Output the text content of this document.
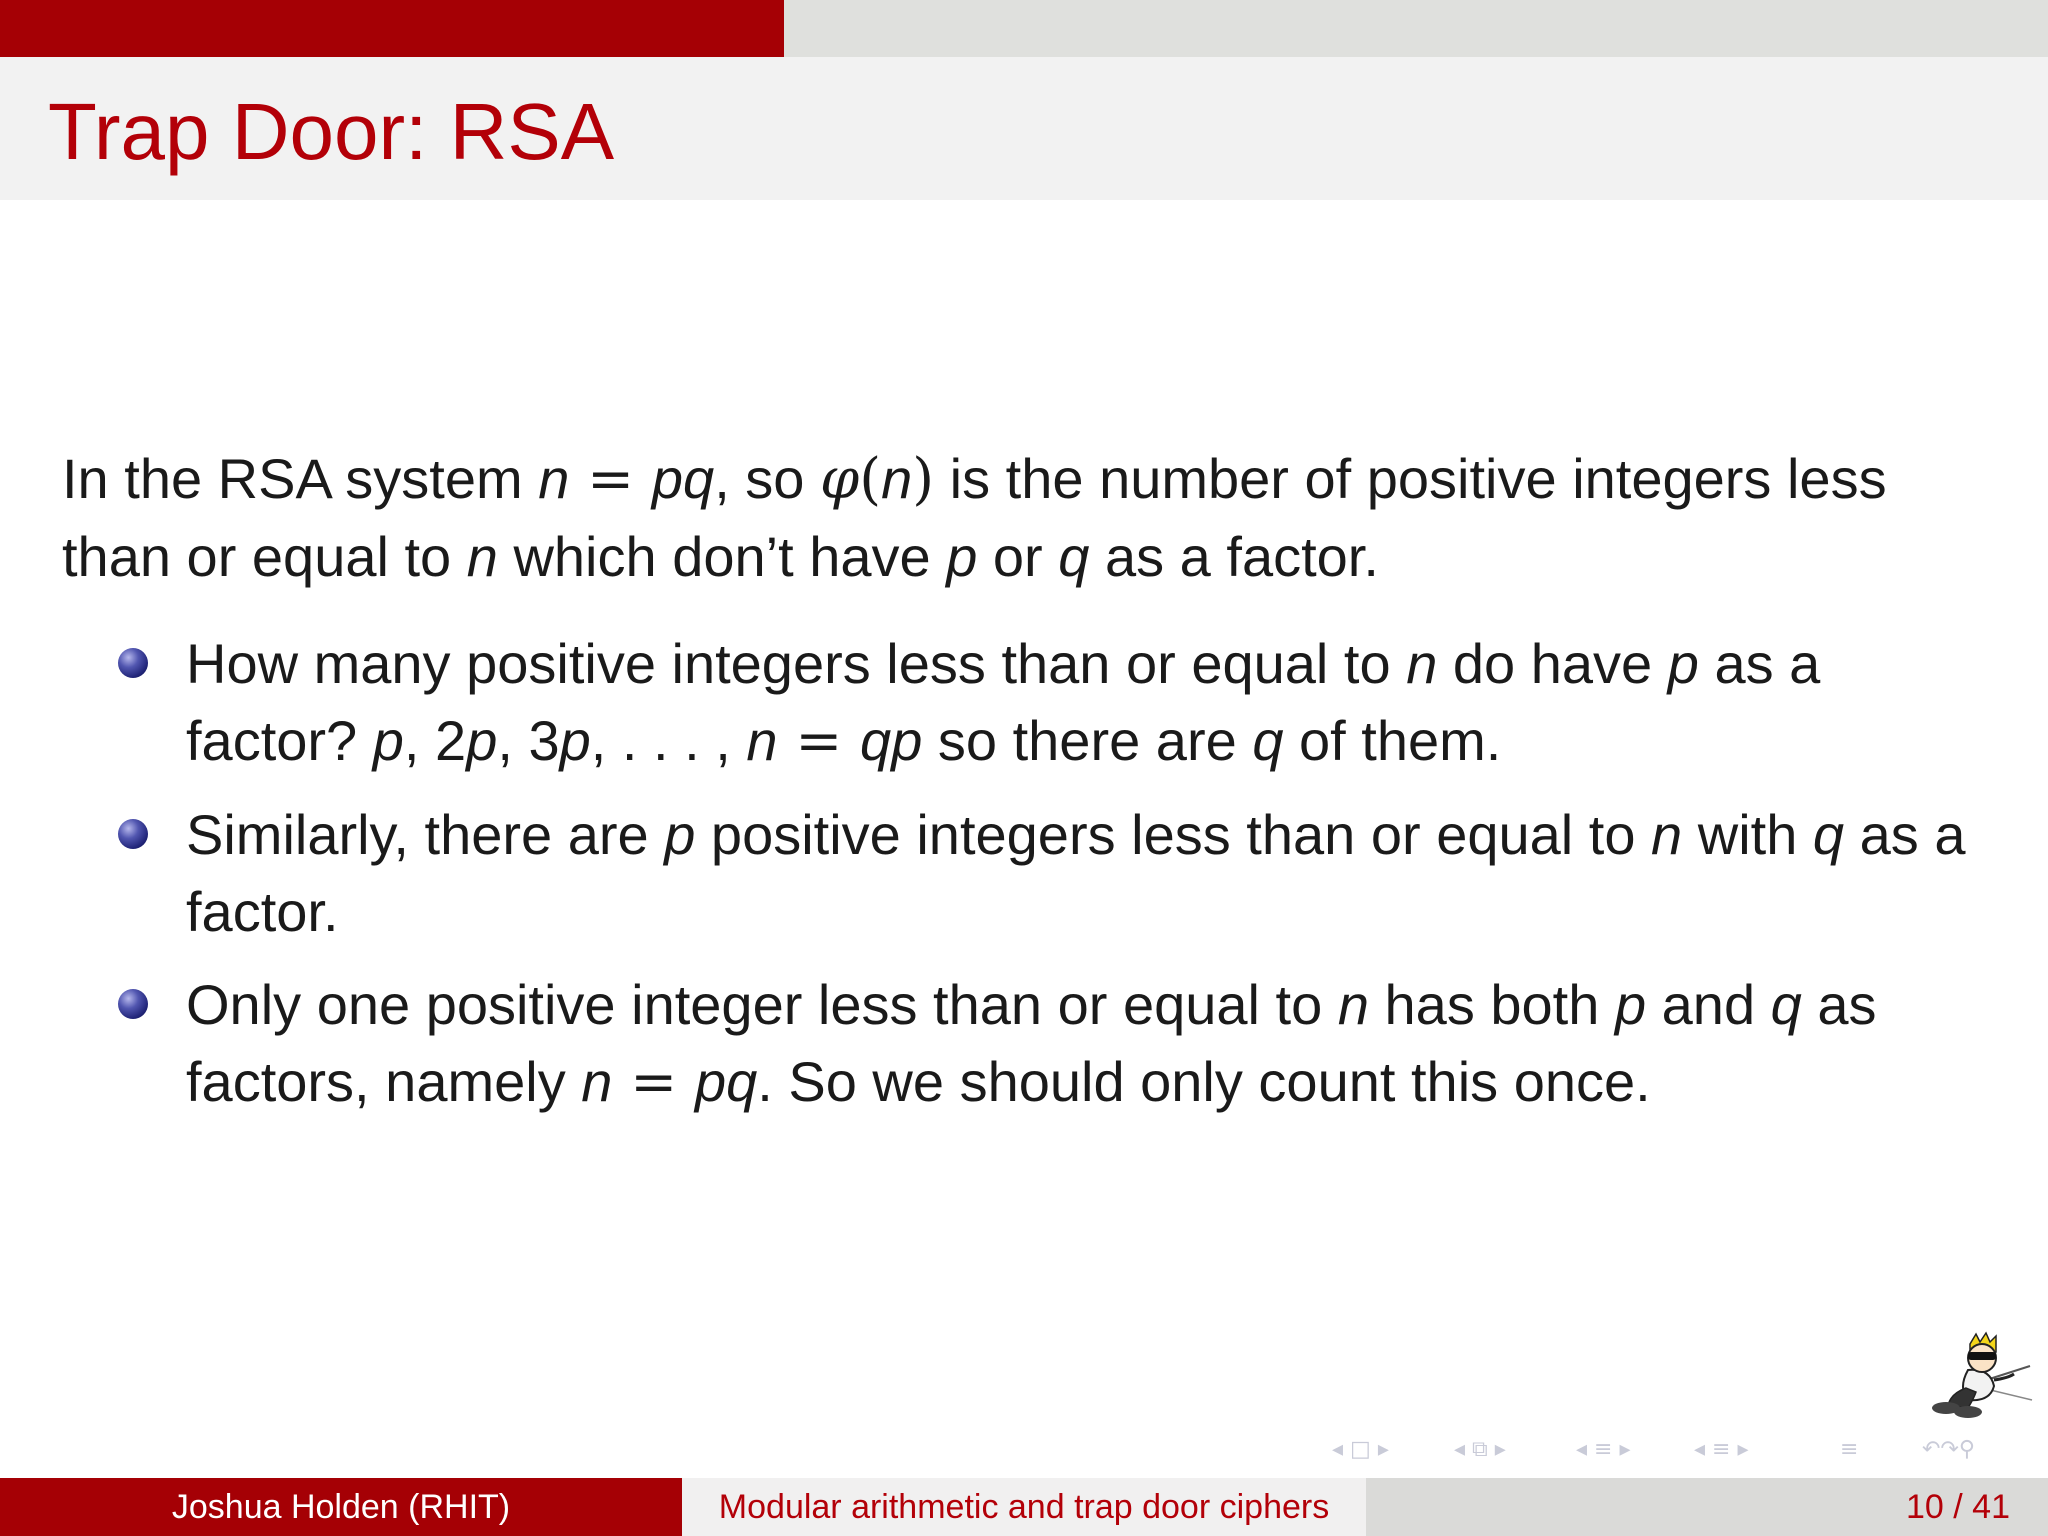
Trap Door: RSA

In the RSA system n = pq, so φ(n) is the number of positive integers less than or equal to n which don’t have p or q as a factor.

How many positive integers less than or equal to n do have p as a factor? p, 2p, 3p, . . . , n = qp so there are q of them.
Similarly, there are p positive integers less than or equal to n with q as a factor.
Only one positive integer less than or equal to n has both p and q as factors, namely n = pq. So we should only count this once.
◂ □ ▸	◂ ⧉ ▸	◂ ≡ ▸	◂ ≡ ▸	≡	↶↷⚲
Joshua Holden (RHIT)	Modular arithmetic and trap door ciphers	10 / 41
